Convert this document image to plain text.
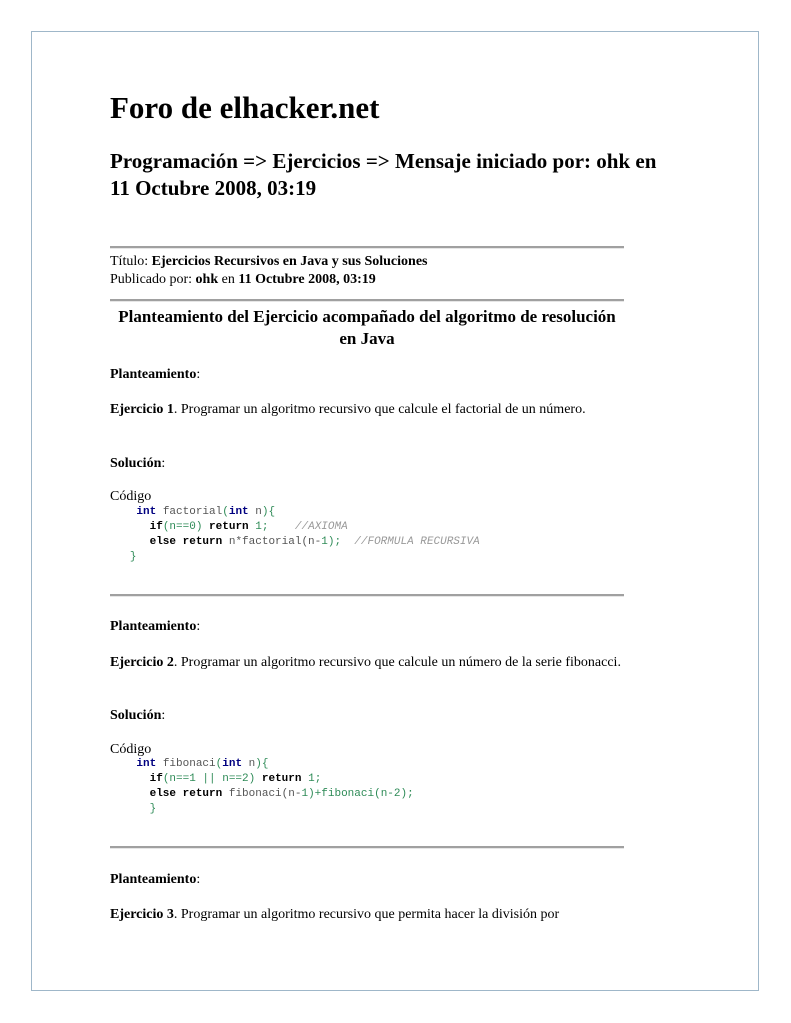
Foro de elhacker.net
Programación => Ejercicios => Mensaje iniciado por: ohk en 11 Octubre 2008, 03:19
Título: Ejercicios Recursivos en Java y sus Soluciones
Publicado por: ohk en 11 Octubre 2008, 03:19
Planteamiento del Ejercicio acompañado del algoritmo de resolución en Java
Planteamiento:
Ejercicio 1. Programar un algoritmo recursivo que calcule el factorial de un número.
Solución:
Código
int factorial(int n){
if(n==0) return 1; //AXIOMA
else return n*factorial(n-1); //FORMULA RECURSIVA
}
Planteamiento:
Ejercicio 2. Programar un algoritmo recursivo que calcule un número de la serie fibonacci.
Solución:
Código
int fibonaci(int n){
if(n==1 || n==2) return 1;
else return fibonaci(n-1)+fibonaci(n-2);
}
Planteamiento:
Ejercicio 3. Programar un algoritmo recursivo que permita hacer la división por
